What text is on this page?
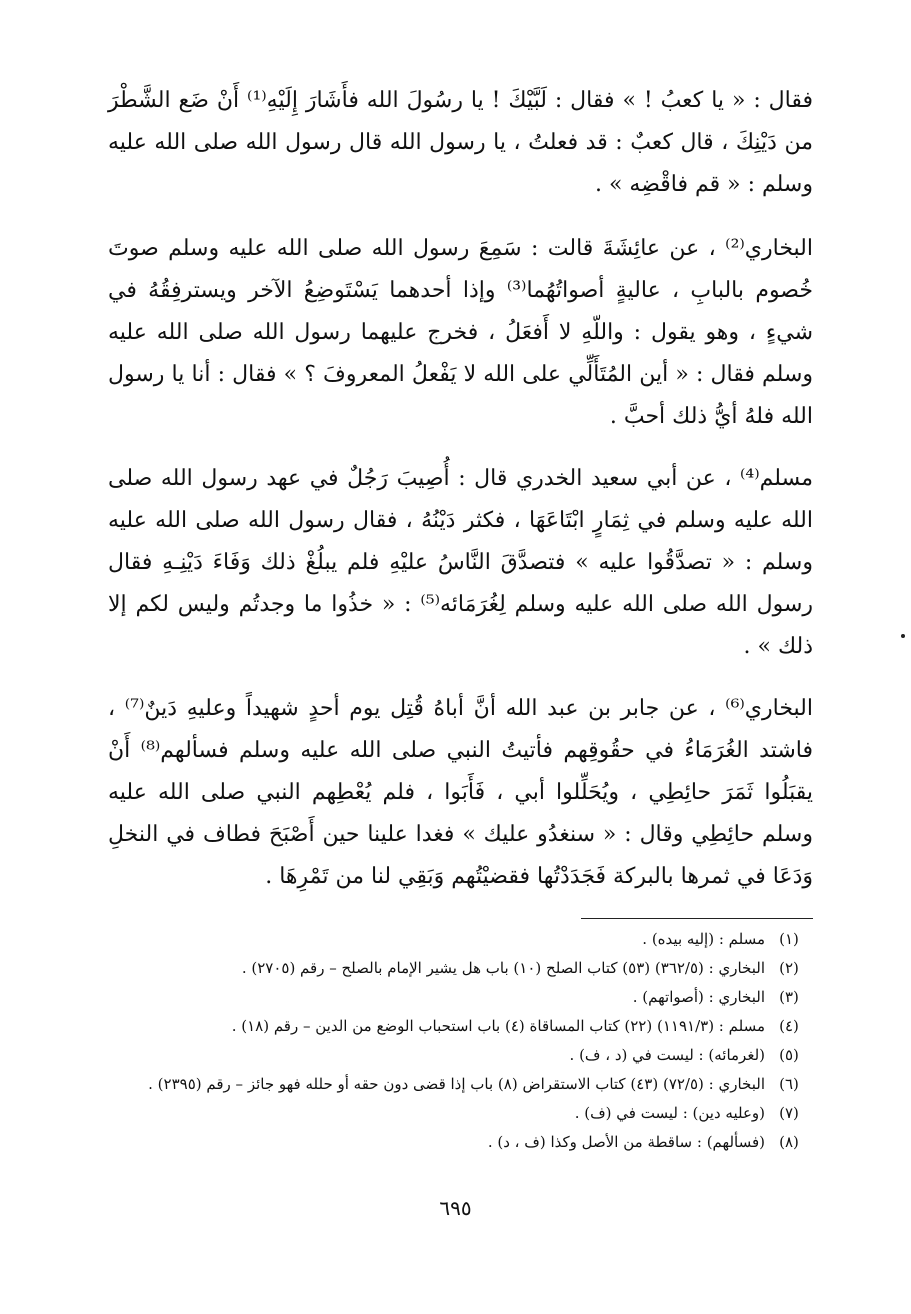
فقال : « يا كعبُ ! » فقال : لَبَّيْكَ ! يا رسُولَ الله فأَشَارَ إِلَيْهِ⁽¹⁾ أَنْ ضَع الشَّطْرَ من دَيْنِكَ ، قال كعبٌ : قد فعلتُ ، يا رسول الله قال رسول الله صلى الله عليه وسلم : « قم فاقْضِه » .

البخاري⁽²⁾ ، عن عائِشَةَ قالت : سَمِعَ رسول الله صلى الله عليه وسلم صوتَ خُصوم بالبابِ ، عاليةٍ أصواتُهُما⁽³⁾ وإذا أحدهما يَسْتَوضِعُ الآخر ويسترفِقُهُ في شيءٍ ، وهو يقول : واللّهِ لا أَفعَلُ ، فخرج عليهما رسول الله صلى الله عليه وسلم فقال : « أين المُتَأَلِّي على الله لا يَفْعلُ المعروفَ ؟ » فقال : أنا يا رسول الله فلهُ أيُّ ذلك أحبَّ .

مسلم⁽⁴⁾ ، عن أبي سعيد الخدري قال : أُصِيبَ رَجُلٌ في عهد رسول الله صلى الله عليه وسلم في ثِمَارٍ ابْتَاعَهَا ، فكثر دَيْنُهُ ، فقال رسول الله صلى الله عليه وسلم : « تصدَّقُوا عليه » فتصدَّقَ النَّاسُ عليْهِ فلم يبلُغْ ذلك وَفَاءَ دَيْنِـهِ فقال رسول الله صلى الله عليه وسلم لِغُرَمَائه⁽⁵⁾ : « خذُوا ما وجدتُم وليس لكم إلا ذلك » .

البخاري⁽⁶⁾ ، عن جابر بن عبد الله أنَّ أباهُ قُتِل يوم أحدٍ شهيداً وعليهِ دَينٌ⁽⁷⁾ ، فاشتد الغُرَمَاءُ في حقُوقِهم فأتيتُ النبي صلى الله عليه وسلم فسألهم⁽⁸⁾ أَنْ يقبَلُوا ثَمَرَ حائِطِي ، ويُحَلِّلوا أبي ، فَأَبَوا ، فلم يُعْطِهم النبي صلى الله عليه وسلم حائِطِي وقال : « سنغدُو عليك » فغدا علينا حين أَصْبَحَ فطاف في النخلِ وَدَعَا في ثمرها بالبركة فَجَدَدْتُها فقضيْتُهم وَبَقِي لنا من تَمْرِهَا .

(١)
مسلم : (إليه بيده) .
(٢)
البخاري : (٣٦٢/٥) (٥٣) كتاب الصلح (١٠) باب هل يشير الإمام بالصلح – رقم (٢٧٠٥) .
(٣)
البخاري : (أصواتهم) .
(٤)
مسلم : (١١٩١/٣) (٢٢) كتاب المساقاة (٤) باب استحباب الوضع من الدين – رقم (١٨) .
(٥)
(لغرمائه) : ليست في (د ، ف) .
(٦)
البخاري : (٧٢/٥) (٤٣) كتاب الاستقراض (٨) باب إذا قضى دون حقه أو حلله فهو جائز – رقم (٢٣٩٥) .
(٧)
(وعليه دين) : ليست في (ف) .
(٨)
(فسألهم) : ساقطة من الأصل وكذا (ف ، د) .
٦٩٥
